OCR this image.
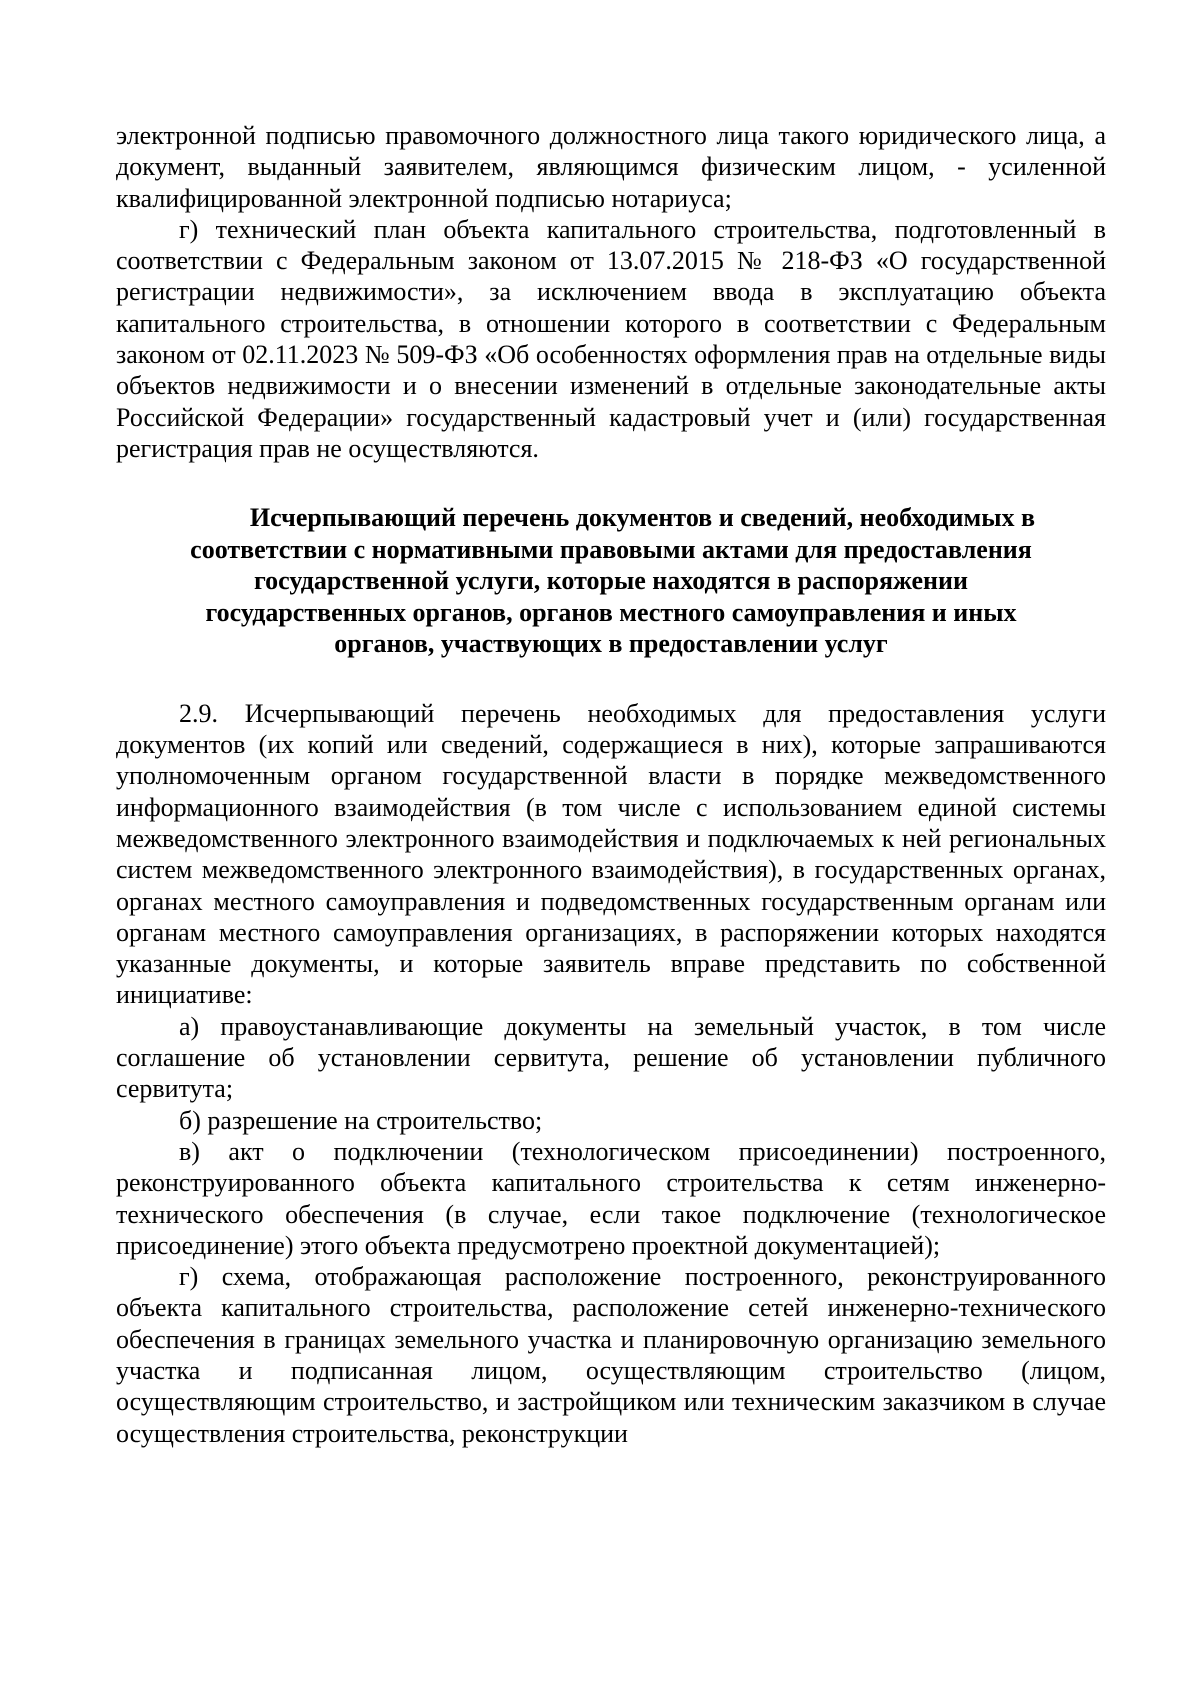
электронной подписью правомочного должностного лица такого юридического лица, а документ, выданный заявителем, являющимся физическим лицом, - усиленной квалифицированной электронной подписью нотариуса;

г) технический план объекта капитального строительства, подготовленный в соответствии с Федеральным законом от 13.07.2015 № 218-ФЗ «О государственной регистрации недвижимости», за исключением ввода в эксплуатацию объекта капитального строительства, в отношении которого в соответствии с Федеральным законом от 02.11.2023 № 509-ФЗ «Об особенностях оформления прав на отдельные виды объектов недвижимости и о внесении изменений в отдельные законодательные акты Российской Федерации» государственный кадастровый учет и (или) государственная регистрация прав не осуществляются.

Исчерпывающий перечень документов и сведений, необходимых в
соответствии с нормативными правовыми актами для предоставления
государственной услуги, которые находятся в распоряжении
государственных органов, органов местного самоуправления и иных
органов, участвующих в предоставлении услуг

2.9. Исчерпывающий перечень необходимых для предоставления услуги документов (их копий или сведений, содержащиеся в них), которые запрашиваются уполномоченным органом государственной власти в порядке межведомственного информационного взаимодействия (в том числе с использованием единой системы межведомственного электронного взаимодействия и подключаемых к ней региональных систем межведомственного электронного взаимодействия), в государственных органах, органах местного самоуправления и подведомственных государственным органам или органам местного самоуправления организациях, в распоряжении которых находятся указанные документы, и которые заявитель вправе представить по собственной инициативе:

а) правоустанавливающие документы на земельный участок, в том числе соглашение об установлении сервитута, решение об установлении публичного сервитута;

б) разрешение на строительство;

в) акт о подключении (технологическом присоединении) построенного, реконструированного объекта капитального строительства к сетям инженерно-технического обеспечения (в случае, если такое подключение (технологическое присоединение) этого объекта предусмотрено проектной документацией);

г) схема, отображающая расположение построенного, реконструированного объекта капитального строительства, расположение сетей инженерно-технического обеспечения в границах земельного участка и планировочную организацию земельного участка и подписанная лицом, осуществляющим строительство (лицом, осуществляющим строительство, и застройщиком или техническим заказчиком в случае осуществления строительства, реконструкции
